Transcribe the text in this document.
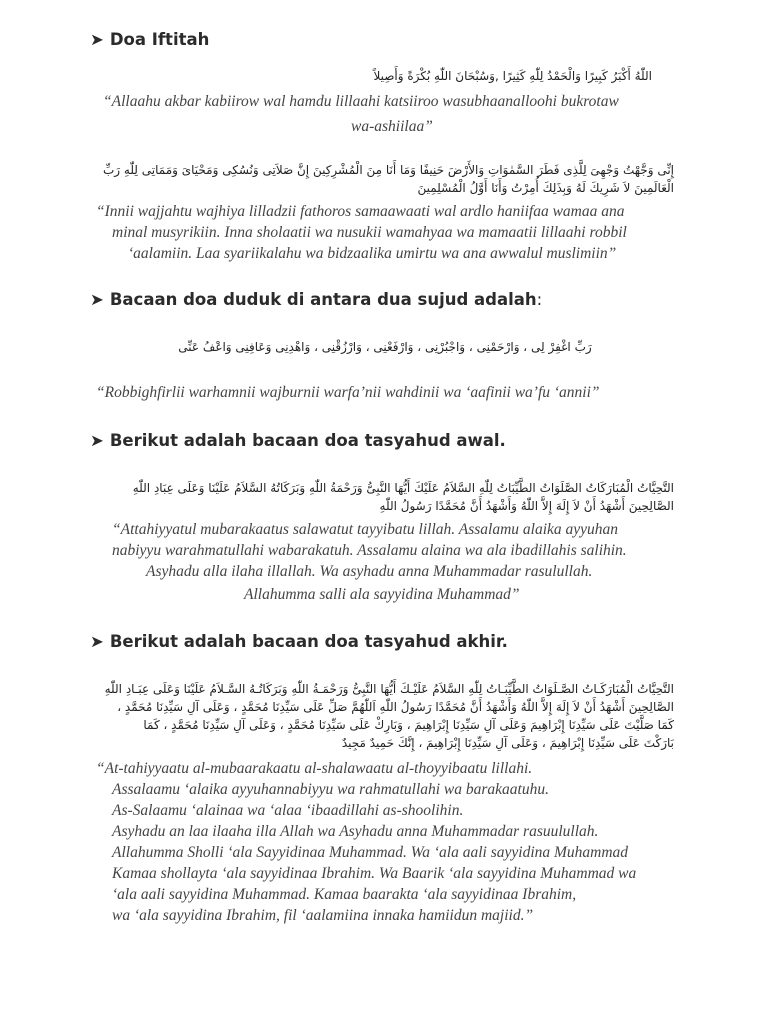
➤ Doa Iftitah

اللّٰهُ أَكْبَرُ كَبِيرًا وَالْحَمْدُ لِلّٰهِ كَثِيرًا ,وَسُبْحَانَ اللّٰهِ بُكْرَةً وَأَصِيلاً

“Allaahu akbar kabiirow wal hamdu lillaahi katsiiroo wasubhaanalloohi bukrotaw

wa-ashiilaa”

إِنِّى وَجَّهْتُ وَجْهِىَ لِلَّذِى فَطَرَ السَّمٰوَاتِ وَالأَرْضَ حَنِيفًا وَمَا أَنَا مِنَ الْمُشْرِكِينَ إِنَّ صَلاَتِى وَنُسُكِى وَمَحْيَاىَ وَمَمَاتِى لِلّٰهِ رَبِّ

الْعَالَمِينَ لاَ شَرِيكَ لَهُ وَبِذَلِكَ أُمِرْتُ وَأَنَا أَوَّلُ الْمُسْلِمِينَ

“Innii wajjahtu wajhiya lilladzii fathoros samaawaati wal ardlo haniifaa wamaa ana

minal musyrikiin. Inna sholaatii wa nusukii wamahyaa wa mamaatii lillaahi robbil

‘aalamiin. Laa syariikalahu wa bidzaalika umirtu wa ana awwalul muslimiin”

➤ Bacaan doa duduk di antara dua sujud adalah:

رَبِّ اغْفِرْ لِى ، وَارْحَمْنِى ، وَاجْبُرْنِى ، وَارْفَعْنِى ، وَارْزُقْنِى ، وَاهْدِنِى وَعَافِنِى وَاعْفُ عَنِّى

“Robbighfirlii warhamnii wajburnii warfa’nii wahdinii wa ‘aafinii wa’fu ‘annii”

➤ Berikut adalah bacaan doa tasyahud awal.

التَّحِيَّاتُ الْمُبَارَكَاتُ الصَّلَوَاتُ الطَّيِّبَاتُ لِلّٰهِ السَّلاَمُ عَلَيْكَ أَيُّهَا النَّبِىُّ وَرَحْمَةُ اللّٰهِ وَبَرَكَاتُهُ السَّلاَمُ عَلَيْنَا وَعَلَى عِبَادِ اللّٰهِ

الصَّالِحِينَ أَشْهَدُ أَنْ لاَ إِلَهَ إِلاَّ اللّٰهُ وَأَشْهَدُ أَنَّ مُحَمَّدًا رَسُولُ اللّٰهِ

“Attahiyyatul mubarakaatus salawatut tayyibatu lillah. Assalamu alaika ayyuhan

nabiyyu warahmatullahi wabarakatuh. Assalamu alaina wa ala ibadillahis salihin.

Asyhadu alla ilaha illallah. Wa asyhadu anna Muhammadar rasulullah.

Allahumma salli ala sayyidina Muhammad”

➤ Berikut adalah bacaan doa tasyahud akhir.

التَّحِيَّاتُ الْمُبَارَكَـاتُ الصَّـلَوَاتُ الطَّيِّبَـاتُ لِلّٰهِ السَّلاَمُ عَلَيْـكَ أَيُّهَا النَّبِىُّ وَرَحْمَـةُ اللّٰهِ وَبَرَكَاتُـهُ السَّـلاَمُ عَلَيْنَا وَعَلَى عِبَـادِ اللّٰهِ

الصَّالِحِينَ أَشْهَدُ أَنْ لاَ إِلَهَ إِلاَّ اللّٰهُ وَأَشْهَدُ أَنَّ مُحَمَّدًا رَسُولُ اللّٰهِ اَللّٰهُمَّ صَلِّ عَلَى سَيِّدِنَا مُحَمَّدٍ ، وَعَلَى آلِ سَيِّدِنَا مُحَمَّدٍ ،

كَمَا صَلَّيْتَ عَلَى سَيِّدِنَا إِبْرَاهِيمَ وَعَلَى آلِ سَيِّدِنَا إِبْرَاهِيمَ ، وَبَارِكْ عَلَى سَيِّدِنَا مُحَمَّدٍ ، وَعَلَى آلِ سَيِّدِنَا مُحَمَّدٍ ، كَمَا

بَارَكْتَ عَلَى سَيِّدِنَا إِبْرَاهِيمَ ، وَعَلَى آلِ سَيِّدِنَا إِبْرَاهِيمَ ، إِنَّكَ حَمِيدٌ مَجِيدٌ

“At-tahiyyaatu al-mubaarakaatu al-shalawaatu al-thoyyibaatu lillahi.

Assalaamu ‘alaika ayyuhannabiyyu wa rahmatullahi wa barakaatuhu.

As-Salaamu ‘alainaa wa ‘alaa ‘ibaadillahi as-shoolihin.

Asyhadu an laa ilaaha illa Allah wa Asyhadu anna Muhammadar rasuulullah.

Allahumma Sholli ‘ala Sayyidinaa Muhammad. Wa ‘ala aali sayyidina Muhammad

Kamaa shollayta ‘ala sayyidinaa Ibrahim. Wa Baarik ‘ala sayyidina Muhammad wa

‘ala aali sayyidina Muhammad. Kamaa baarakta ‘ala sayyidinaa Ibrahim,

wa ‘ala sayyidina Ibrahim, fil ‘aalamiina innaka hamiidun majiid.”
